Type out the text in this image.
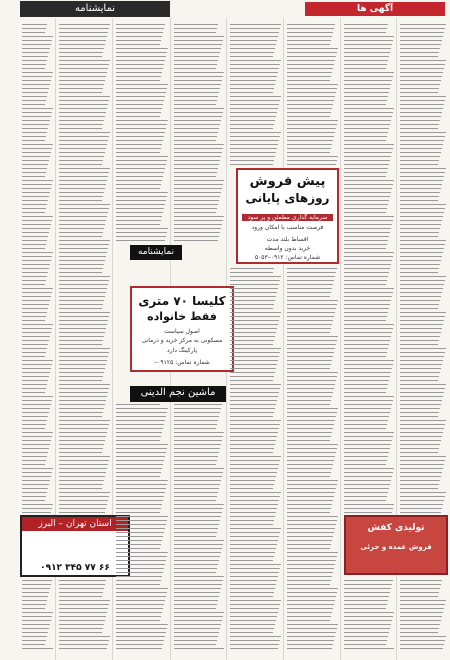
نمایشنامه	آگهی ها
پیش فروش
روزهای پایانی
سرمایه گذاری مطمئن و پر سود
فرصت مناسب با امکان ورود
اقساط بلند مدت
خرید بدون واسطه
شماره تماس: ۰۹۱۲–۵۰۵۳
کلیسا ۷۰ متری
فقط خانواده
اصول سیاست
مسکونی به مرکز خرید و درمانی
پارکینگ دارد
شماره تماس: ۰۹۱۲۵–
نمایشنامه
ماشین نجم الدینی
استان تهران – البرز
۰۹۱۲ ۳۴۵ ۷۷ ۶۶
تولیدی کفش
فروش عمده و جزئی
